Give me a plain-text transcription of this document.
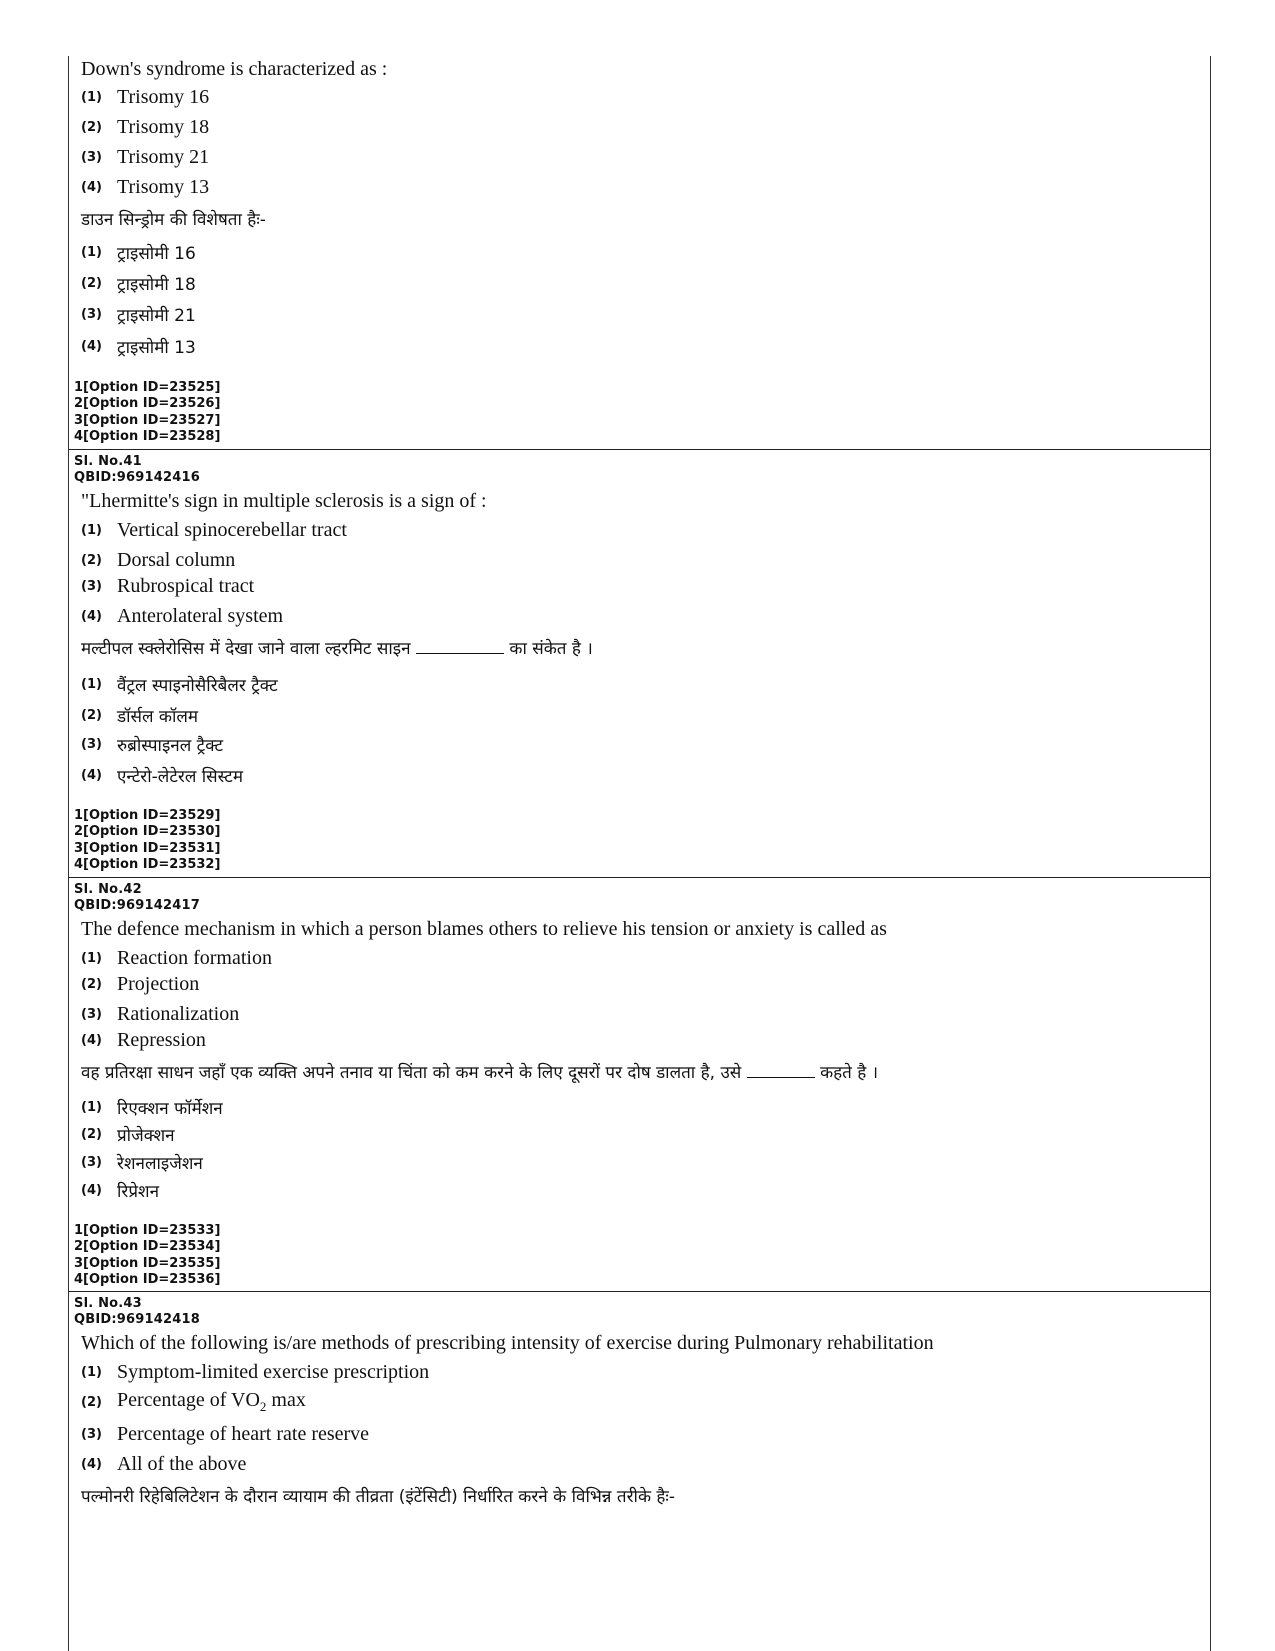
Down's syndrome is characterized as :
(1) Trisomy 16
(2) Trisomy 18
(3) Trisomy 21
(4) Trisomy 13
डाउन सिन्ड्रोम की विशेषता हैः-
(1) ट्राइसोमी 16
(2) ट्राइसोमी 18
(3) ट्राइसोमी 21
(4) ट्राइसोमी 13
1[Option ID=23525]
2[Option ID=23526]
3[Option ID=23527]
4[Option ID=23528]
Sl. No.41
QBID:969142416
"Lhermitte's sign in multiple sclerosis is a sign of :
(1) Vertical spinocerebellar tract
(2) Dorsal column
(3) Rubrospical tract
(4) Anterolateral system
मल्टीपल स्क्लेरोसिस में देखा जाने वाला ल्हरमिट साइन	का संकेत है ।
(1) वैंट्रल स्पाइनोसैरिबैलर ट्रैक्ट
(2) डॉर्सल कॉलम
(3) रुब्रोस्पाइनल ट्रैक्ट
(4) एन्टेरो-लेटेरल सिस्टम
1[Option ID=23529]
2[Option ID=23530]
3[Option ID=23531]
4[Option ID=23532]
Sl. No.42
QBID:969142417
The defence mechanism in which a person blames others to relieve his tension or anxiety is called as
(1) Reaction formation
(2) Projection
(3) Rationalization
(4) Repression
वह प्रतिरक्षा साधन जहाँ एक व्यक्ति अपने तनाव या चिंता को कम करने के लिए दूसरों पर दोष डालता है, उसे	कहते है ।
(1) रिएक्शन फॉर्मेशन
(2) प्रोजेक्शन
(3) रेशनलाइजेशन
(4) रिप्रेशन
1[Option ID=23533]
2[Option ID=23534]
3[Option ID=23535]
4[Option ID=23536]
Sl. No.43
QBID:969142418
Which of the following is/are methods of prescribing intensity of exercise during Pulmonary rehabilitation
(1) Symptom-limited exercise prescription
(2) Percentage of $VO_2$ max
(3) Percentage of heart rate reserve
(4) All of the above
पल्मोनरी रिहेबिलिटेशन के दौरान व्यायाम की तीव्रता (इंटेंसिटी) निर्धारित करने के विभिन्न तरीके हैः-
